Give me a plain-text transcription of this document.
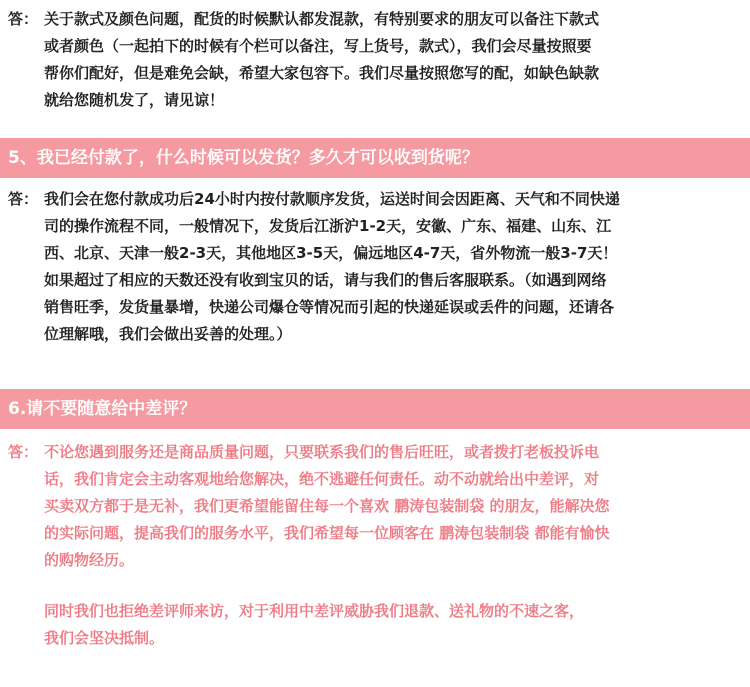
答： 关于款式及颜色问题，配货的时候默认都发混款，有特别要求的朋友可以备注下款式
或者颜色（一起拍下的时候有个栏可以备注，写上货号，款式），我们会尽量按照要
帮你们配好，但是难免会缺，希望大家包容下。我们尽量按照您写的配，如缺色缺款
就给您随机发了，请见谅！
5、我已经付款了，什么时候可以发货？多久才可以收到货呢？
答： 我们会在您付款成功后24小时内按付款顺序发货，运送时间会因距离、天气和不同快递
司的操作流程不同，一般情况下，发货后江浙沪1-2天，安徽、广东、福建、山东、江
西、北京、天津一般2-3天，其他地区3-5天，偏远地区4-7天，省外物流一般3-7天！
如果超过了相应的天数还没有收到宝贝的话，请与我们的售后客服联系。（如遇到网络
销售旺季，发货量暴增，快递公司爆仓等情况而引起的快递延误或丢件的问题，还请各
位理解哦，我们会做出妥善的处理。）
6.请不要随意给中差评？
答： 不论您遇到服务还是商品质量问题，只要联系我们的售后旺旺，或者拨打老板投诉电
话，我们肯定会主动客观地给您解决，绝不逃避任何责任。动不动就给出中差评，对
买卖双方都于是无补，我们更希望能留住每一个喜欢 鹏涛包装制袋 的朋友，能解决您
的实际问题，提高我们的服务水平，我们希望每一位顾客在 鹏涛包装制袋 都能有愉快
的购物经历。
同时我们也拒绝差评师来访，对于利用中差评威胁我们退款、送礼物的不速之客，
我们会坚决抵制。
